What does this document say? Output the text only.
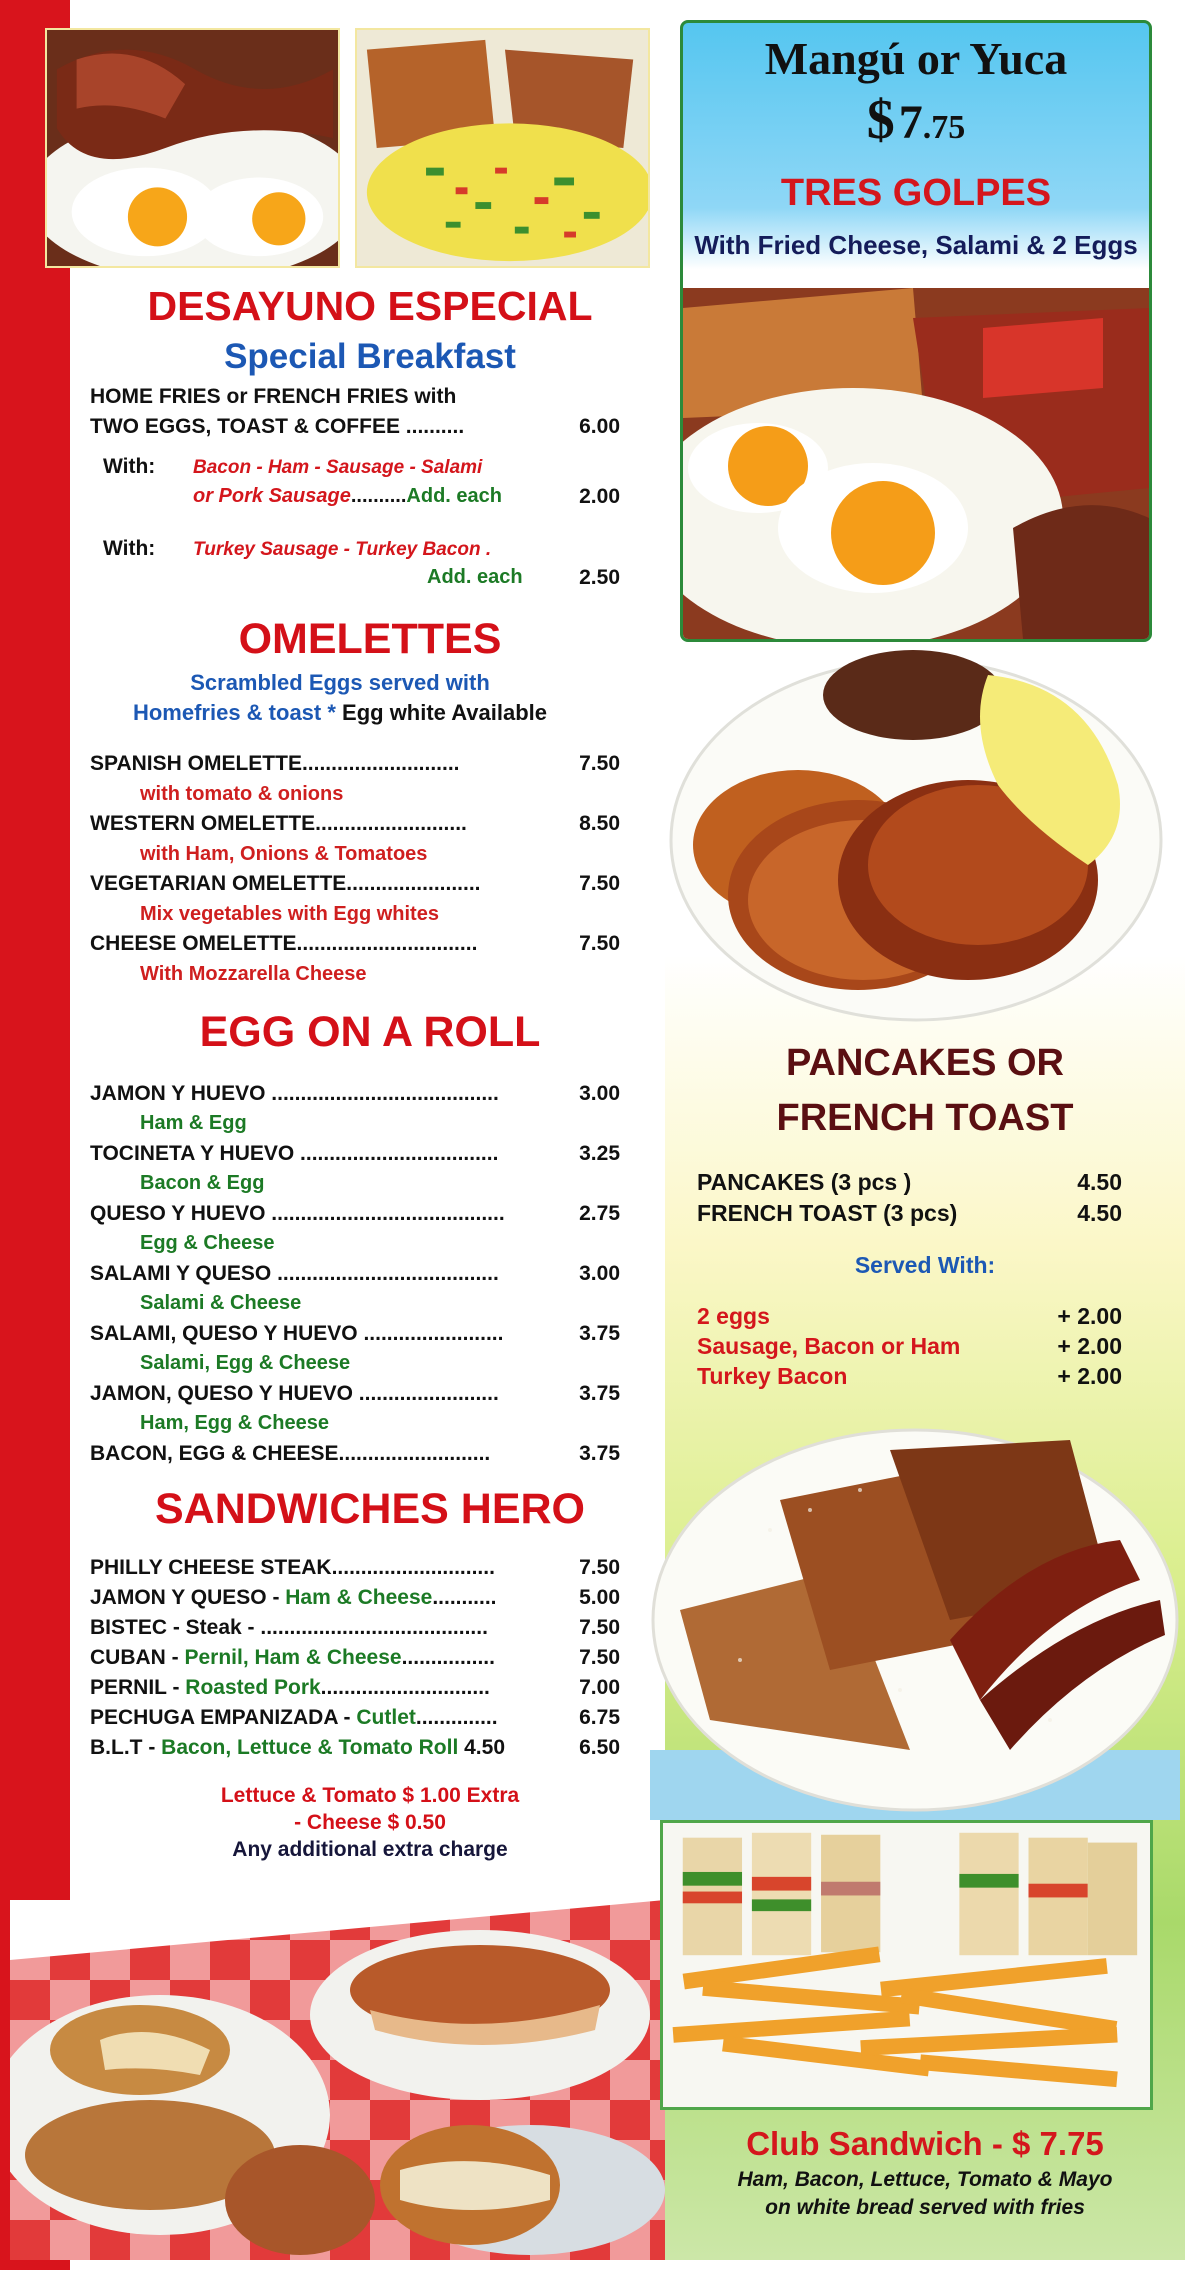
DESAYUNO ESPECIAL
Special Breakfast
HOME FRIES or FRENCH FRIES with
TWO EGGS, TOAST & COFFEE ..........	6.00
With: Bacon - Ham - Sausage - Salami
or Pork Sausage..........Add. each	2.00
With: Turkey Sausage - Turkey Bacon .
Add. each	2.50
OMELETTES
Scrambled Eggs served with
Homefries & toast * Egg white Available
SPANISH OMELETTE...........................	7.50
with tomato & onions
WESTERN OMELETTE..........................	8.50
with Ham, Onions & Tomatoes
VEGETARIAN OMELETTE.......................	7.50
Mix vegetables with Egg whites
CHEESE OMELETTE...............................	7.50
With Mozzarella Cheese
EGG ON A ROLL
JAMON Y HUEVO .......................................	3.00
Ham & Egg
TOCINETA Y HUEVO ..................................	3.25
Bacon & Egg
QUESO Y HUEVO ........................................	2.75
Egg & Cheese
SALAMI Y QUESO ......................................	3.00
Salami & Cheese
SALAMI, QUESO Y HUEVO ........................	3.75
Salami, Egg & Cheese
JAMON, QUESO Y HUEVO ........................	3.75
Ham, Egg & Cheese
BACON, EGG & CHEESE..........................	3.75
SANDWICHES HERO
PHILLY CHEESE STEAK............................	7.50
JAMON Y QUESO - Ham & Cheese...........	5.00
BISTEC - Steak - .......................................	7.50
CUBAN - Pernil, Ham & Cheese................	7.50
PERNIL - Roasted Pork.............................	7.00
PECHUGA EMPANIZADA - Cutlet..............	6.75
B.L.T - Bacon, Lettuce & Tomato Roll 4.50	6.50
Lettuce & Tomato $ 1.00 Extra
- Cheese $ 0.50
Any additional extra charge
Mangú or Yuca
$ 7.75
TRES GOLPES
With Fried Cheese, Salami & 2 Eggs
PANCAKES OR
FRENCH TOAST
PANCAKES (3 pcs )	4.50
FRENCH TOAST (3 pcs)	4.50
Served With:
2 eggs	+ 2.00
Sausage, Bacon or Ham	+ 2.00
Turkey Bacon	+ 2.00
Club Sandwich - $ 7.75
Ham, Bacon, Lettuce, Tomato & Mayo
on white bread served with fries
